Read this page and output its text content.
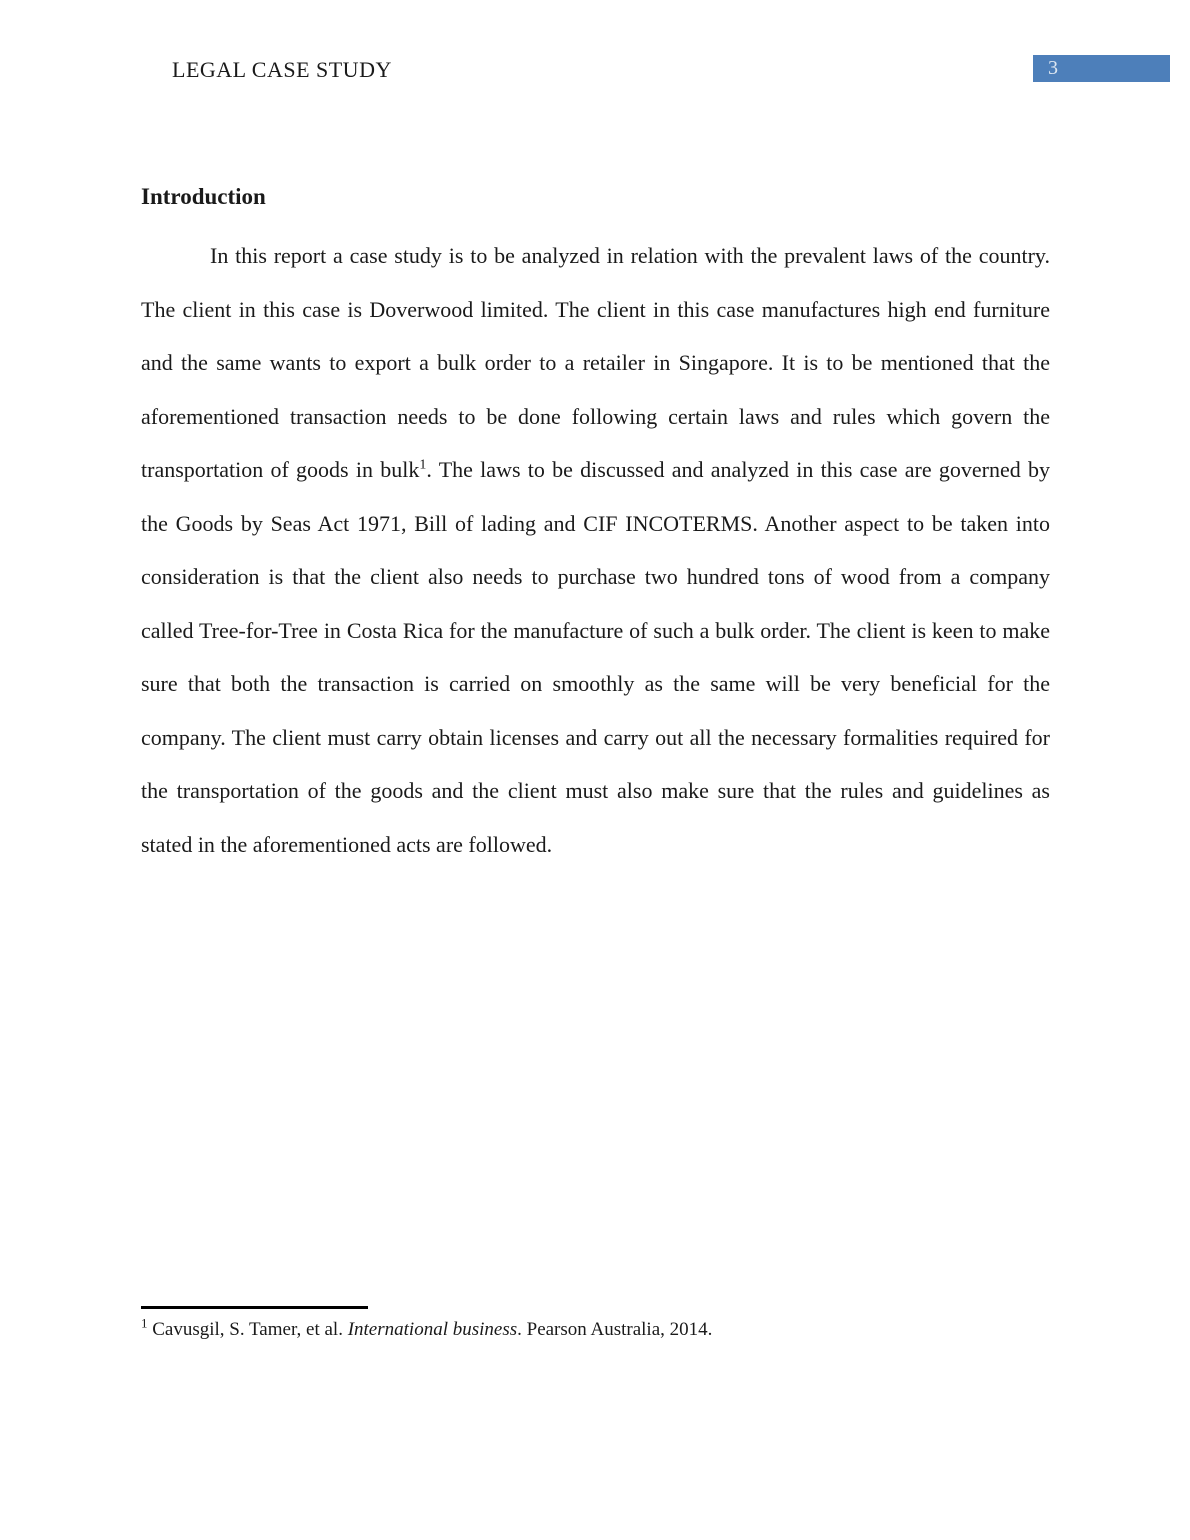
LEGAL CASE STUDY	3
Introduction

In this report a case study is to be analyzed in relation with the prevalent laws of the country. The client in this case is Doverwood limited. The client in this case manufactures high end furniture and the same wants to export a bulk order to a retailer in Singapore. It is to be mentioned that the aforementioned transaction needs to be done following certain laws and rules which govern the transportation of goods in bulk$^1$. The laws to be discussed and analyzed in this case are governed by the Goods by Seas Act 1971, Bill of lading and CIF INCOTERMS. Another aspect to be taken into consideration is that the client also needs to purchase two hundred tons of wood from a company called Tree-for-Tree in Costa Rica for the manufacture of such a bulk order. The client is keen to make sure that both the transaction is carried on smoothly as the same will be very beneficial for the company. The client must carry obtain licenses and carry out all the necessary formalities required for the transportation of the goods and the client must also make sure that the rules and guidelines as stated in the aforementioned acts are followed.

$^1$ Cavusgil, S. Tamer, et al. International business. Pearson Australia, 2014.
